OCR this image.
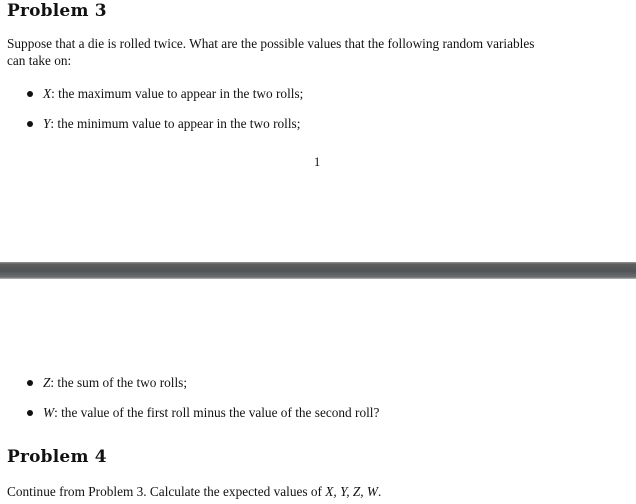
Problem 3

Suppose that a die is rolled twice. What are the possible values that the following random variables

can take on:

X : the maximum value to appear in the two rolls;
Y : the minimum value to appear in the two rolls;
1
Z : the sum of the two rolls;
W : the value of the first roll minus the value of the second roll?
Problem 4

Continue from Problem 3. Calculate the expected values of X, Y, Z, W.
